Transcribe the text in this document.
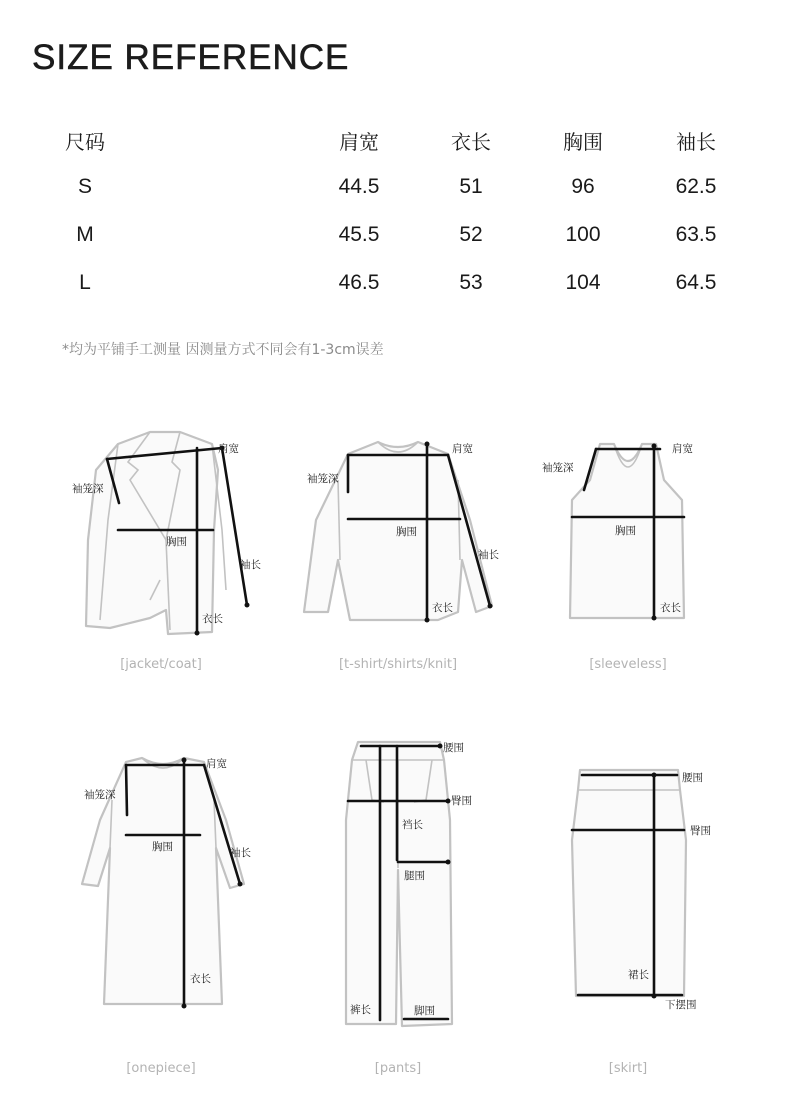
SIZE REFERENCE
尺码	肩宽	衣长	胸围	袖长
S	44.5	51	96	62.5
M	45.5	52	100	63.5
L	46.5	53	104	64.5
*均为平铺手工测量 因测量方式不同会有1-3cm误差
肩宽
袖笼深
胸围
袖长
衣长
[jacket/coat]
肩宽
袖笼深
胸围
袖长
衣长
[t-shirt/shirts/knit]
肩宽
袖笼深
胸围
衣长
[sleeveless]
肩宽
袖笼深
胸围	袖长
衣长
[onepiece]
腰围
臀围
裆长
腿围
裤长	脚围
[pants]
腰围
臀围
裙长
下摆围
[skirt]
